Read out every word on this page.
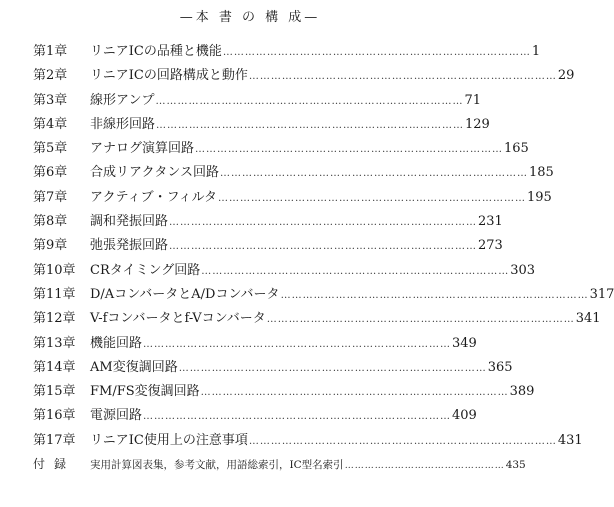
—本 書 の 構 成—
第1章	リニアICの品種と機能 ………………………………………………………………………… 1
第2章	リニアICの回路構成と動作 ………………………………………………………………………… 29
第3章	線形アンプ ………………………………………………………………………… 71
第4章	非線形回路 ………………………………………………………………………… 129
第5章	アナログ演算回路 ………………………………………………………………………… 165
第6章	合成リアクタンス回路 ………………………………………………………………………… 185
第7章	アクティブ・フィルタ ………………………………………………………………………… 195
第8章	調和発振回路 ………………………………………………………………………… 231
第9章	弛張発振回路 ………………………………………………………………………… 273
第10章	CRタイミング回路 ………………………………………………………………………… 303
第11章	D/AコンバータとA/Dコンバータ ………………………………………………………………………… 317
第12章	V-fコンバータとf-Vコンバータ ………………………………………………………………………… 341
第13章	機能回路 ………………………………………………………………………… 349
第14章	AM変復調回路 ………………………………………………………………………… 365
第15章	FM/FS変復調回路 ………………………………………………………………………… 389
第16章	電源回路 ………………………………………………………………………… 409
第17章	リニアIC使用上の注意事項 ………………………………………………………………………… 431
付録	実用計算図表集，参考文献，用語総索引，IC型名索引 ………………………………………… 435
